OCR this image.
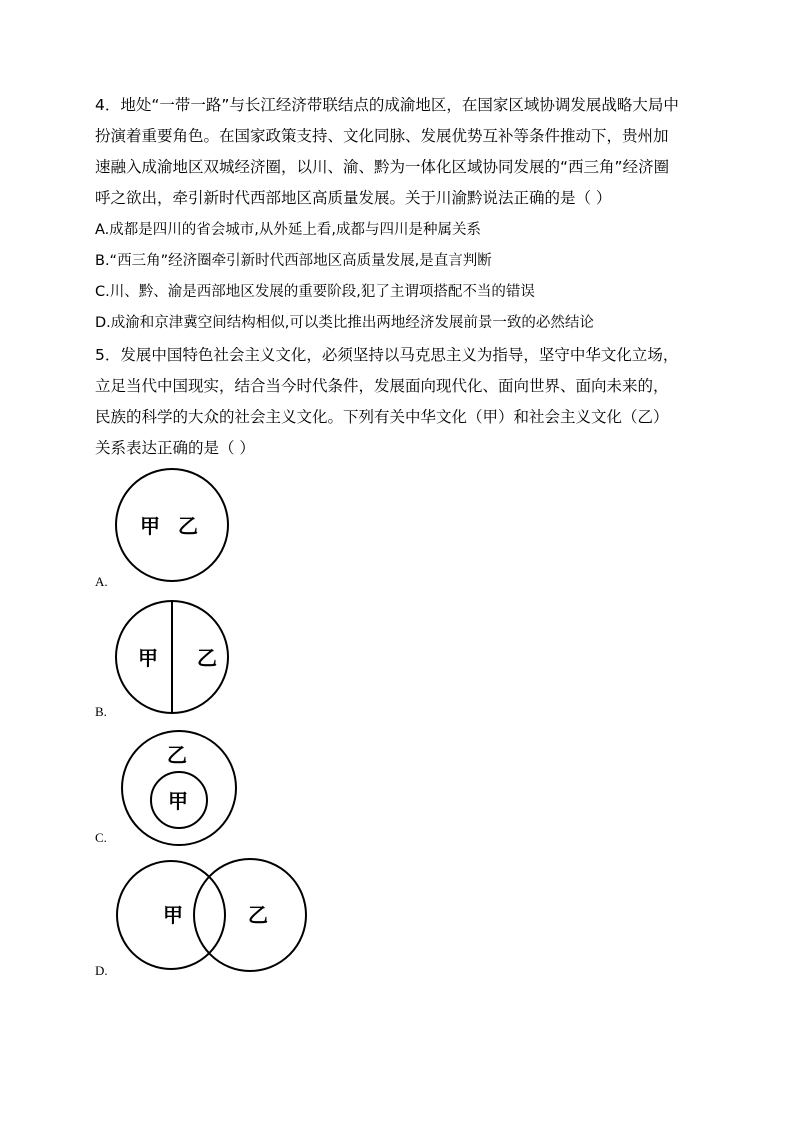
4．地处“一带一路”与长江经济带联结点的成渝地区，在国家区域协调发展战略大局中
扮演着重要角色。在国家政策支持、文化同脉、发展优势互补等条件推动下，贵州加
速融入成渝地区双城经济圈，以川、渝、黔为一体化区域协同发展的“西三角”经济圈
呼之欲出，牵引新时代西部地区高质量发展。关于川渝黔说法正确的是（ ）
A.成都是四川的省会城市,从外延上看,成都与四川是种属关系
B.“西三角”经济圈牵引新时代西部地区高质量发展,是直言判断
C.川、黔、渝是西部地区发展的重要阶段,犯了主谓项搭配不当的错误
D.成渝和京津冀空间结构相似,可以类比推出两地经济发展前景一致的必然结论
5．发展中国特色社会主义文化，必须坚持以马克思主义为指导，坚守中华文化立场，
立足当代中国现实，结合当今时代条件，发展面向现代化、面向世界、面向未来的，
民族的科学的大众的社会主义文化。下列有关中华文化（甲）和社会主义文化（乙）
关系表达正确的是（ ）
甲 乙
甲 乙
乙
甲
甲	乙
A.
B.
C.
D.
